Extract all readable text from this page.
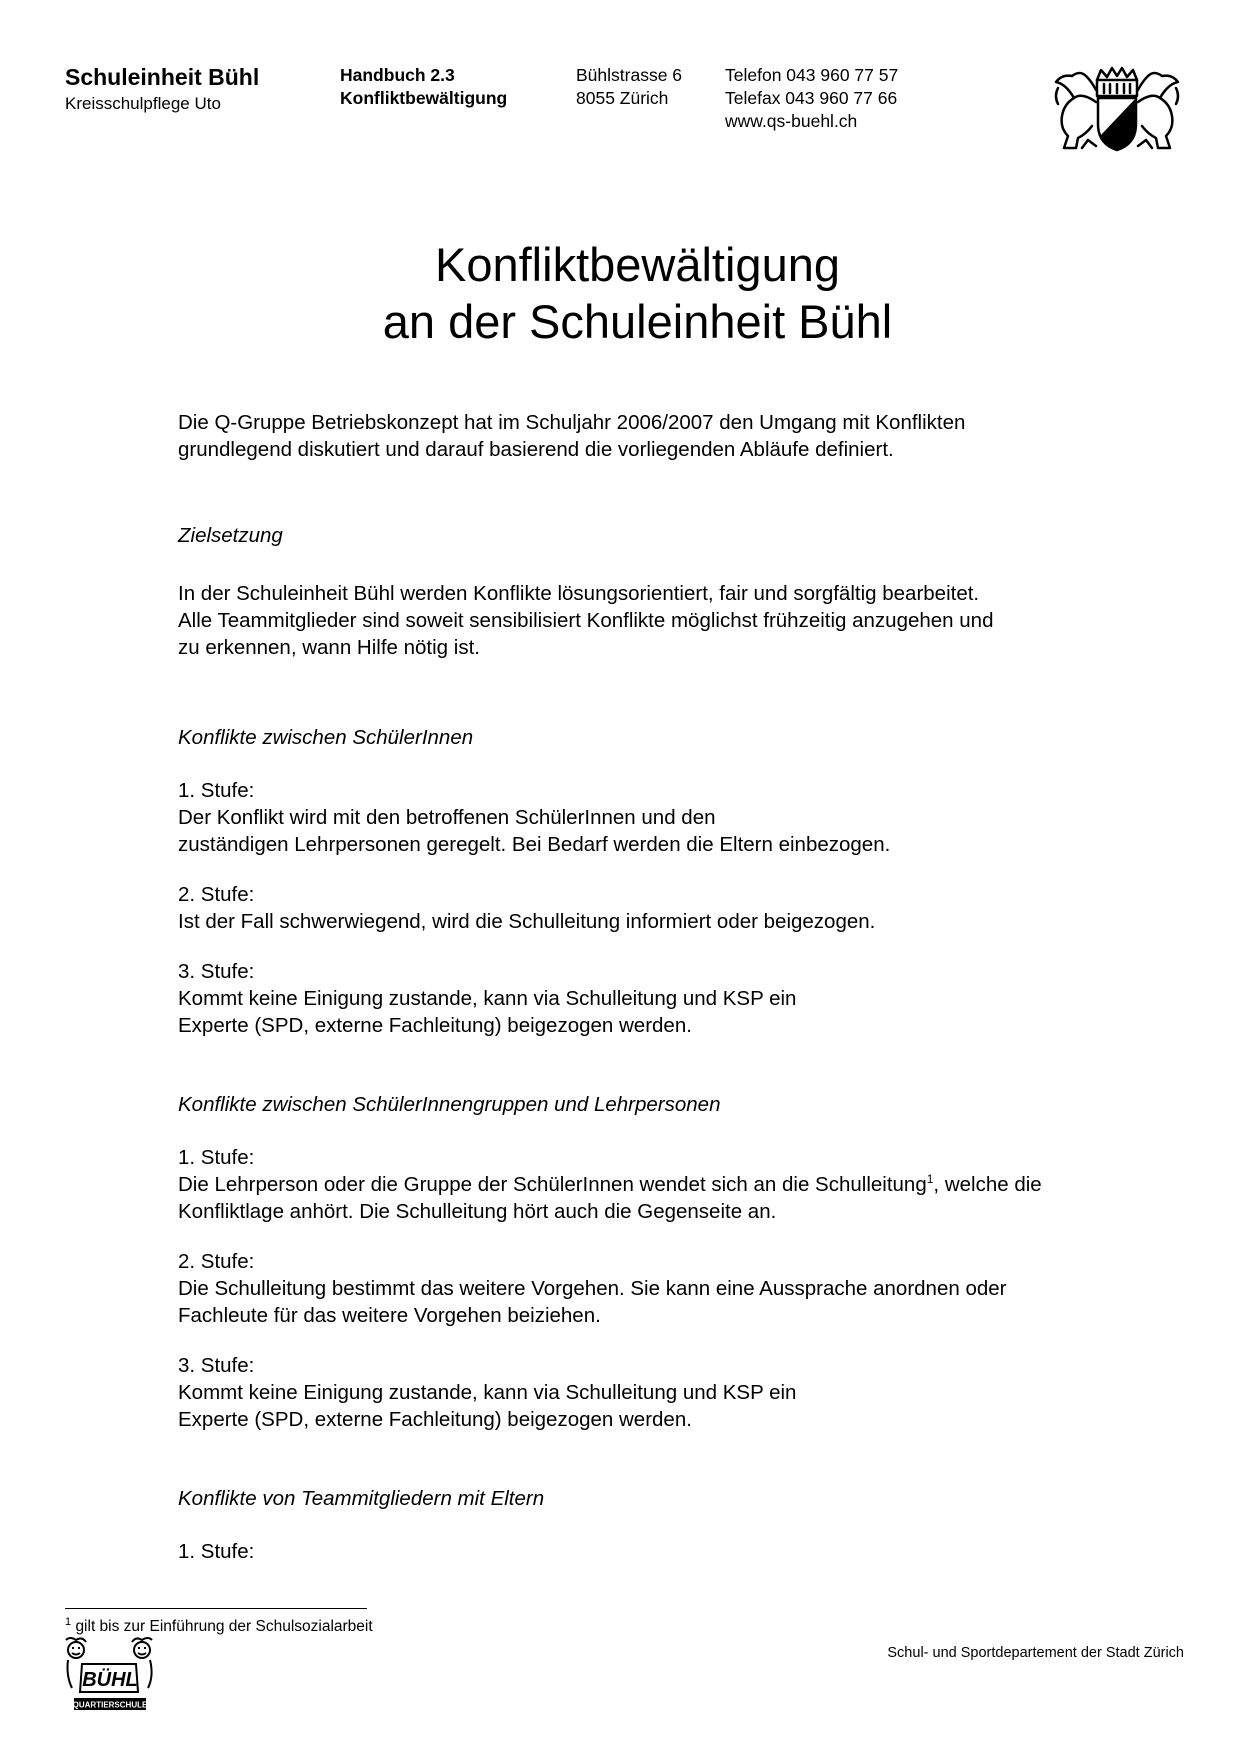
Schuleinheit Bühl
Kreisschulpflege Uto
Handbuch 2.3
Konfliktbewältigung
Bühlstrasse 6
8055 Zürich
Telefon 043 960 77 57
Telefax 043 960 77 66
www.qs-buehl.ch
Konfliktbewältigung
an der Schuleinheit Bühl

Die Q-Gruppe Betriebskonzept hat im Schuljahr 2006/2007 den Umgang mit Konflikten

grundlegend diskutiert und darauf basierend die vorliegenden Abläufe definiert.

Zielsetzung

In der Schuleinheit Bühl werden Konflikte lösungsorientiert, fair und sorgfältig bearbeitet.

Alle Teammitglieder sind soweit sensibilisiert Konflikte möglichst frühzeitig anzugehen und

zu erkennen, wann Hilfe nötig ist.

Konflikte zwischen SchülerInnen

1. Stufe:

Der Konflikt wird mit den betroffenen SchülerInnen und den

zuständigen Lehrpersonen geregelt. Bei Bedarf werden die Eltern einbezogen.

2. Stufe:

Ist der Fall schwerwiegend, wird die Schulleitung informiert oder beigezogen.

3. Stufe:

Kommt keine Einigung zustande, kann via Schulleitung und KSP ein

Experte (SPD, externe Fachleitung) beigezogen werden.

Konflikte zwischen SchülerInnengruppen und Lehrpersonen

1. Stufe:

Die Lehrperson oder die Gruppe der SchülerInnen wendet sich an die Schulleitung$^1$, welche die

Konfliktlage anhört. Die Schulleitung hört auch die Gegenseite an.

2. Stufe:

Die Schulleitung bestimmt das weitere Vorgehen. Sie kann eine Aussprache anordnen oder

Fachleute für das weitere Vorgehen beiziehen.

3. Stufe:

Kommt keine Einigung zustande, kann via Schulleitung und KSP ein

Experte (SPD, externe Fachleitung) beigezogen werden.

Konflikte von Teammitgliedern mit Eltern

1. Stufe:

$^1$ gilt bis zur Einführung der Schulsozialarbeit
BÜHL
QUARTIERSCHULE
Schul- und Sportdepartement der Stadt Zürich
